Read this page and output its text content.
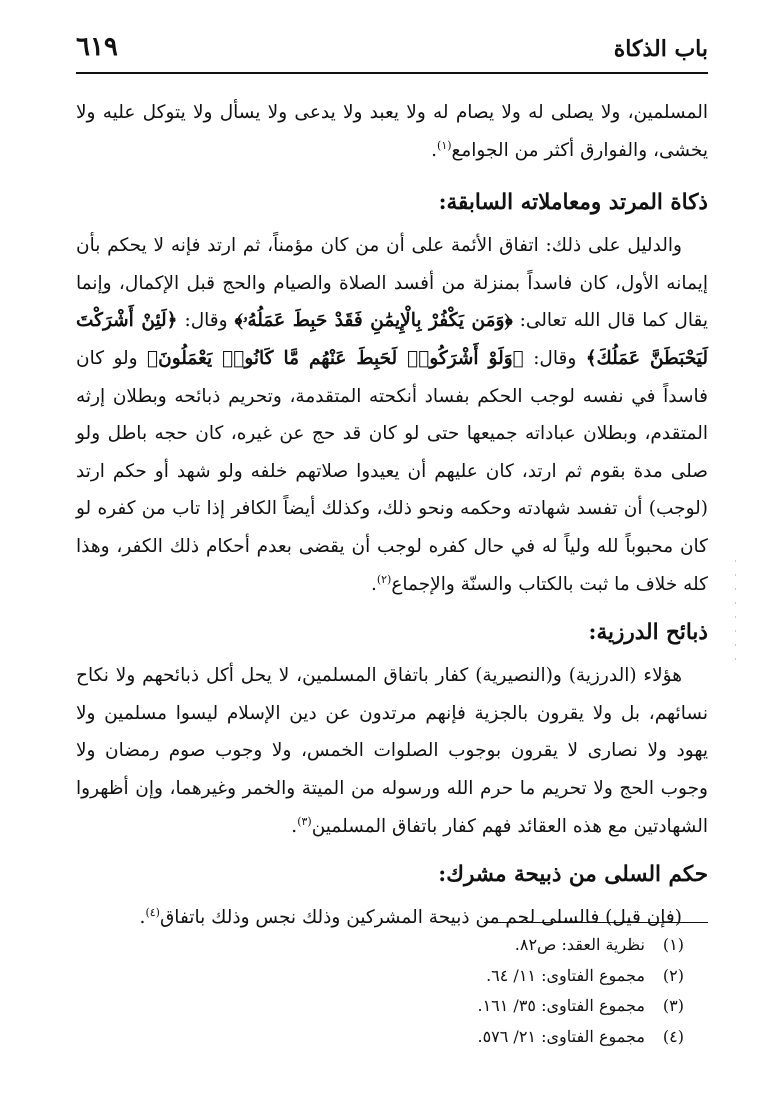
باب الذكاة
٦١٩

المسلمين، ولا يصلى له ولا يصام له ولا يعبد ولا يدعى ولا يسأل ولا يتوكل عليه ولا يخشى، والفوارق أكثر من الجوامع$^{(١)}$.

ذكاة المرتد ومعاملاته السابقة:

والدليل على ذلك: اتفاق الأئمة على أن من كان مؤمناً، ثم ارتد فإنه لا يحكم بأن إيمانه الأول، كان فاسداً بمنزلة من أفسد الصلاة والصيام والحج قبل الإكمال، وإنما يقال كما قال الله تعالى: ﴿وَمَن يَكْفُرْ بِالْإِيمَٰنِ فَقَدْ حَبِطَ عَمَلُهُۥ﴾ وقال: ﴿لَئِنْ أَشْرَكْتَ لَيَحْبَطَنَّ عَمَلُكَ﴾ وقال: ﴿وَلَوْ أَشْرَكُوا۟ لَحَبِطَ عَنْهُم مَّا كَانُوا۟ يَعْمَلُونَ﴾ ولو كان فاسداً في نفسه لوجب الحكم بفساد أنكحته المتقدمة، وتحريم ذبائحه وبطلان إرثه المتقدم، وبطلان عباداته جميعها حتى لو كان قد حج عن غيره، كان حجه باطل ولو صلى مدة بقوم ثم ارتد، كان عليهم أن يعيدوا صلاتهم خلفه ولو شهد أو حكم ارتد (لوجب) أن تفسد شهادته وحكمه ونحو ذلك، وكذلك أيضاً الكافر إذا تاب من كفره لو كان محبوباً لله ولياً له في حال كفره لوجب أن يقضى بعدم أحكام ذلك الكفر، وهذا كله خلاف ما ثبت بالكتاب والسنّة والإجماع$^{(٢)}$.

ذبائح الدرزية:

هؤلاء (الدرزية) و(النصيرية) كفار باتفاق المسلمين، لا يحل أكل ذبائحهم ولا نكاح نسائهم، بل ولا يقرون بالجزية فإنهم مرتدون عن دين الإسلام ليسوا مسلمين ولا يهود ولا نصارى لا يقرون بوجوب الصلوات الخمس، ولا وجوب صوم رمضان ولا وجوب الحج ولا تحريم ما حرم الله ورسوله من الميتة والخمر وغيرهما، وإن أظهروا الشهادتين مع هذه العقائد فهم كفار باتفاق المسلمين$^{(٣)}$.

حكم السلى من ذبيحة مشرك:

(فإن قيل) فالسلى لحم من ذبيحة المشركين وذلك نجس وذلك باتفاق$^{(٤)}$.

(١) نظرية العقد: ص٨٢.
(٢) مجموع الفتاوى: ١١/ ٦٤.
(٣) مجموع الفتاوى: ٣٥/ ١٦١.
(٤) مجموع الفتاوى: ٢١/ ٥٧٦.
